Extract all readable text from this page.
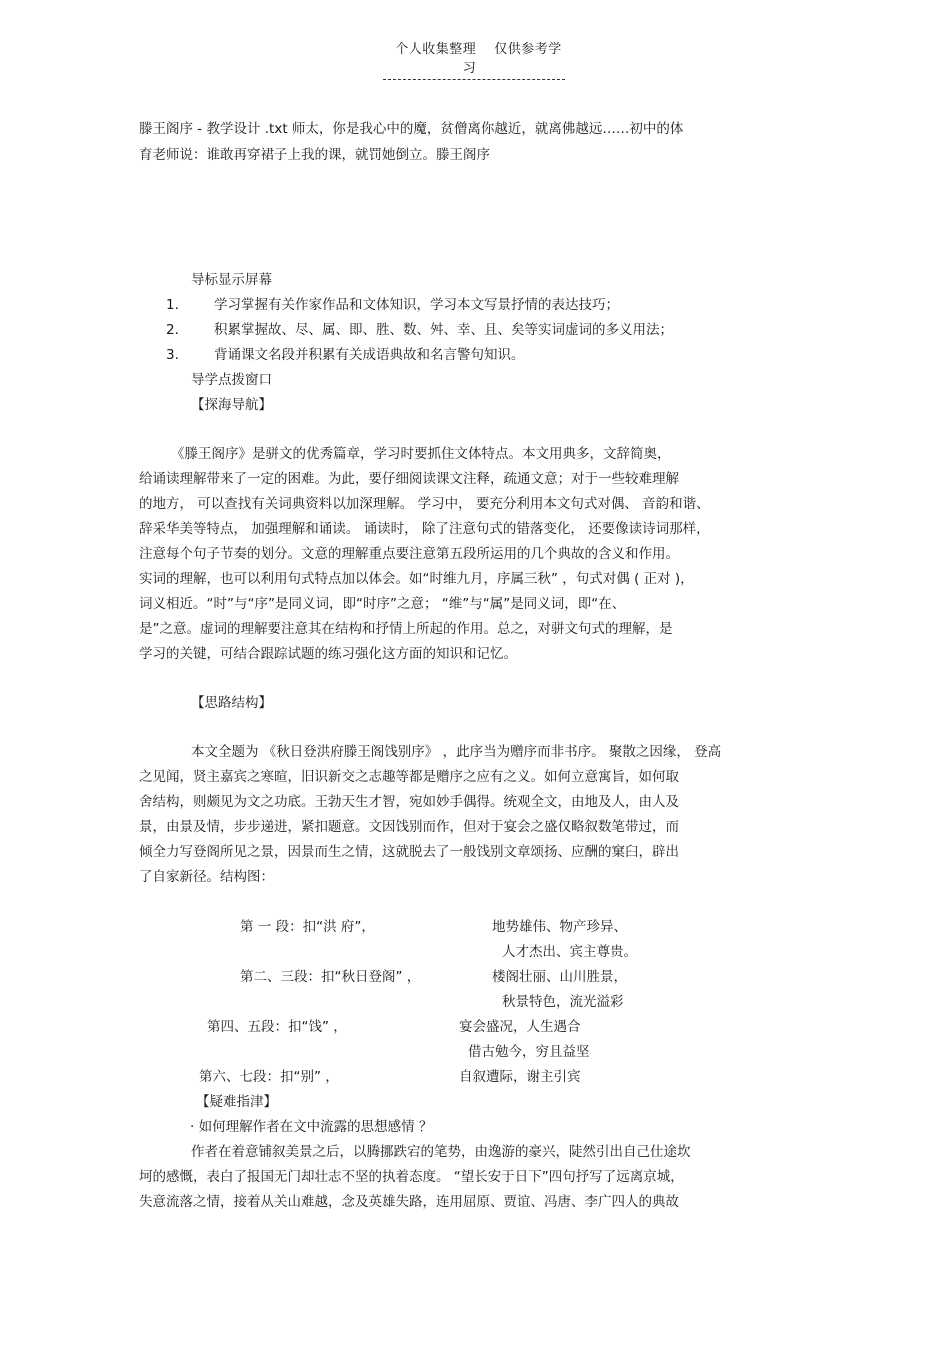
个人收集整理 仅供参考学习
滕王阁序 - 教学设计 .txt 师太，你是我心中的魔，贫僧离你越近，就离佛越远……初中的体
育老师说：谁敢再穿裙子上我的课，就罚她倒立。滕王阁序
导标显示屏幕
1.	学习掌握有关作家作品和文体知识，学习本文写景抒情的表达技巧；
2.	积累掌握故、尽、属、即、胜、数、舛、幸、且、矣等实词虚词的多义用法；
3.	背诵课文名段并积累有关成语典故和名言警句知识。
导学点拨窗口
【探海导航】
《滕王阁序》是骈文的优秀篇章，学习时要抓住文体特点。本文用典多，文辞简奥，
给诵读理解带来了一定的困难。为此，要仔细阅读课文注释，疏通文意；对于一些较难理解
的地方， 可以查找有关词典资料以加深理解。 学习中， 要充分利用本文句式对偶、 音韵和谐、
辞采华美等特点， 加强理解和诵读。 诵读时， 除了注意句式的错落变化， 还要像读诗词那样，
注意每个句子节奏的划分。文意的理解重点要注意第五段所运用的几个典故的含义和作用。
实词的理解，也可以利用句式特点加以体会。如“时维九月，序属三秋” ，句式对偶 ( 正对 )，
词义相近。“时”与“序”是同义词，即“时序”之意； “维”与“属”是同义词，即“在、
是”之意。虚词的理解要注意其在结构和抒情上所起的作用。总之，对骈文句式的理解，是
学习的关键，可结合跟踪试题的练习强化这方面的知识和记忆。
【思路结构】
本文全题为 《秋日登洪府滕王阁饯别序》 ，此序当为赠序而非书序。 聚散之因缘， 登高
之见闻，贤主嘉宾之寒暄，旧识新交之志趣等都是赠序之应有之义。如何立意寓旨，如何取
舍结构，则颇见为文之功底。王勃天生才智，宛如妙手偶得。统观全文，由地及人，由人及
景，由景及情，步步递进，紧扣题意。文因饯别而作，但对于宴会之盛仅略叙数笔带过，而
倾全力写登阁所见之景，因景而生之情，这就脱去了一般饯别文章颂扬、应酬的窠臼，辟出
了自家新径。结构图：
第 一 段：扣“洪 府”，	地势雄伟、物产珍异、
人才杰出、宾主尊贵。
第二、三段：扣“秋日登阁” ，	楼阁壮丽、山川胜景，
秋景特色，流光溢彩
第四、五段：扣“饯” ，	宴会盛况，人生遇合
借古勉今，穷且益坚
第六、七段：扣“别” ，	自叙遭际，谢主引宾
【疑难指津】
· 如何理解作者在文中流露的思想感情 ？
作者在着意铺叙美景之后，以腾挪跌宕的笔势，由逸游的豪兴，陡然引出自己仕途坎
坷的感慨，表白了报国无门却壮志不坚的执着态度。 “望长安于日下”四句抒写了远离京城，
失意流落之情，接着从关山难越，念及英雄失路，连用屈原、贾谊、冯唐、李广四人的典故
